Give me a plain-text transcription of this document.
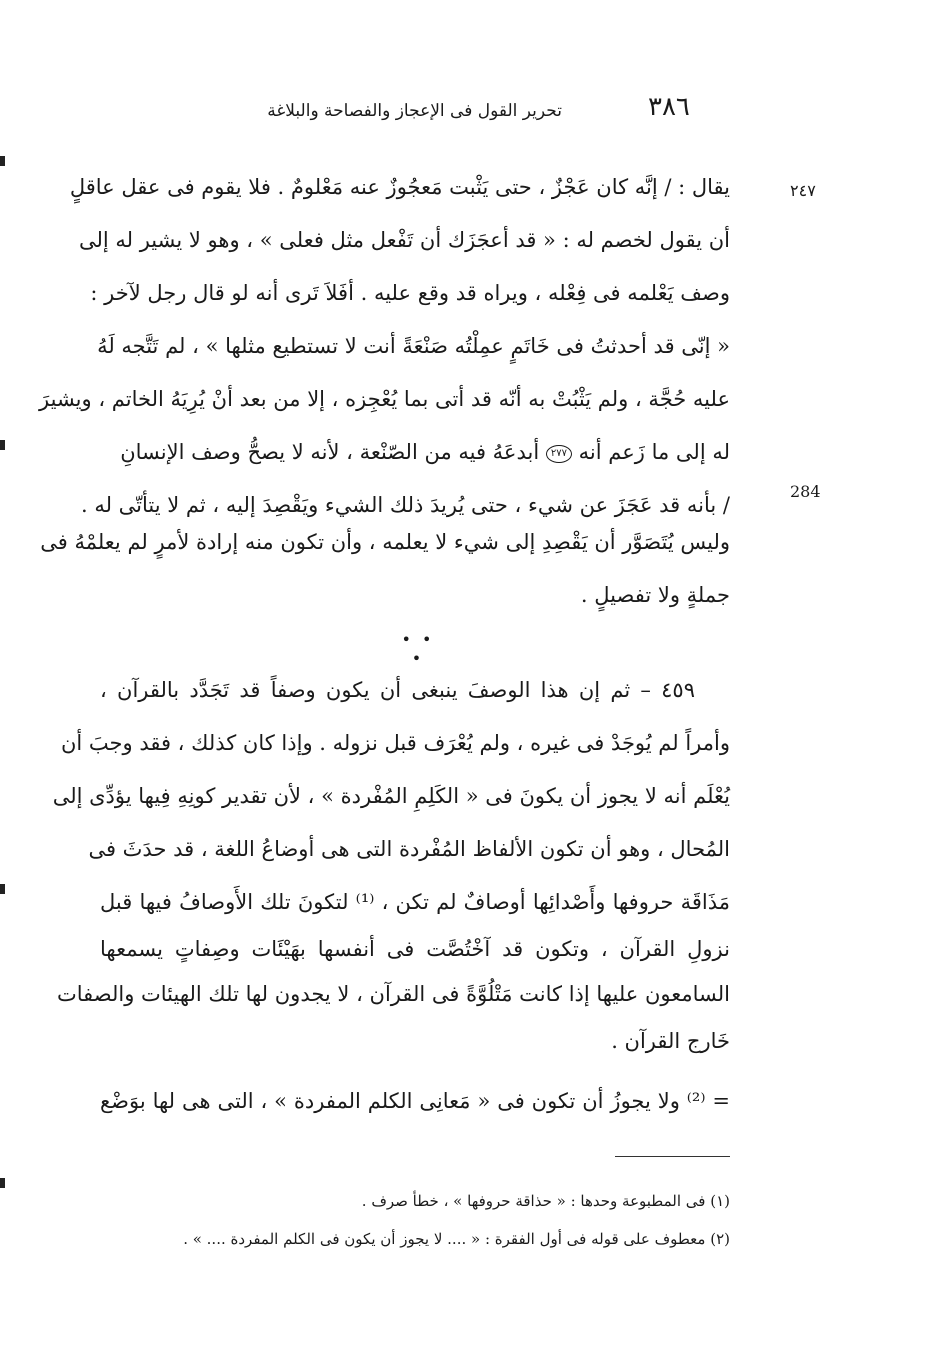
٣٨٦
تحرير القول فى الإعجاز والفصاحة والبلاغة
٢٤٧
284
يقال : / إنَّه كان عَجْزٌ ، حتى يَثْبت مَعجُوزٌ عنه مَعْلومٌ . فلا يقوم فى عقل عاقلٍ
أن يقول لخصم له : « قد أعجَزَك أن تَفْعل مثل فعلى » ، وهو لا يشير له إلى
وصف يَعْلمه فى فِعْله ، ويراه قد وقع عليه . أفَلاَ تَرى أنه لو قال رجل لآخر :
« إنّى قد أحدثتُ فى خَاتَمٍ عمِلْتُه صَنْعَةً أنت لا تستطيع مثلها » ، لم تَتَّجه لَهُ
عليه حُجَّة ، ولم يَثْبُتْ به أنّه قد أتى بما يُعْجِزه ، إلا من بعد أنْ يُرِيَهُ الخاتم ، ويشيرَ
له إلى ما زَعم أنه ٢٧٧ أبدعَهُ فيه من الصّنْعة ، لأنه لا يصحُّ وصف الإنسانِ
/ بأنه قد عَجَزَ عن شيء ، حتى يُريدَ ذلك الشيء ويَقْصِدَ إليه ، ثم لا يتأتّى له .
وليس يُتَصَوَّر أن يَقْصِدِ إلى شيء لا يعلمه ، وأن تكون منه إرادة لأمرٍ لم يعلمْهُ فى
جملةٍ ولا تفصيلٍ .
• • •
٤٥٩ – ثم إن هذا الوصفَ ينبغى أن يكون وصفاً قد تَجَدَّد بالقرآن ،
وأمراً لم يُوجَدْ فى غيره ، ولم يُعْرَف قبل نزوله . وإذا كان كذلك ، فقد وجبَ أن
يُعْلَم أنه لا يجوز أن يكونَ فى « الكَلِمِ المُفْردة » ، لأن تقدير كونِهِ فِيها يؤدِّى إلى
المُحال ، وهو أن تكون الألفاظ المُفْردة التى هى أوضاعُ اللغة ، قد حدَثَ فى
مَذَاقَة حروفها وأَصْدائِها أوصافٌ لم تكن ، ⁽¹⁾ لتكونَ تلك الأَوصافُ فيها قبل
نزولِ القرآن ، وتكون قد آخْتُصَّت فى أنفسها بهَيْئَات وصِفاتٍ يسمعها
السامعون عليها إذا كانت مَتْلُوَّةً فى القرآن ، لا يجدون لها تلك الهيئات والصفات
خَارج القرآن .
= ⁽²⁾ ولا يجوزُ أن تكون فى « مَعانِى الكلم المفردة » ، التى هى لها بوَضْع
(١) فى المطبوعة وحدها : « حذاقة حروفها » ، خطأ صرف .
(٢) معطوف على قوله فى أول الفقرة : « .... لا يجوز أن يكون فى الكلم المفردة .... » .
